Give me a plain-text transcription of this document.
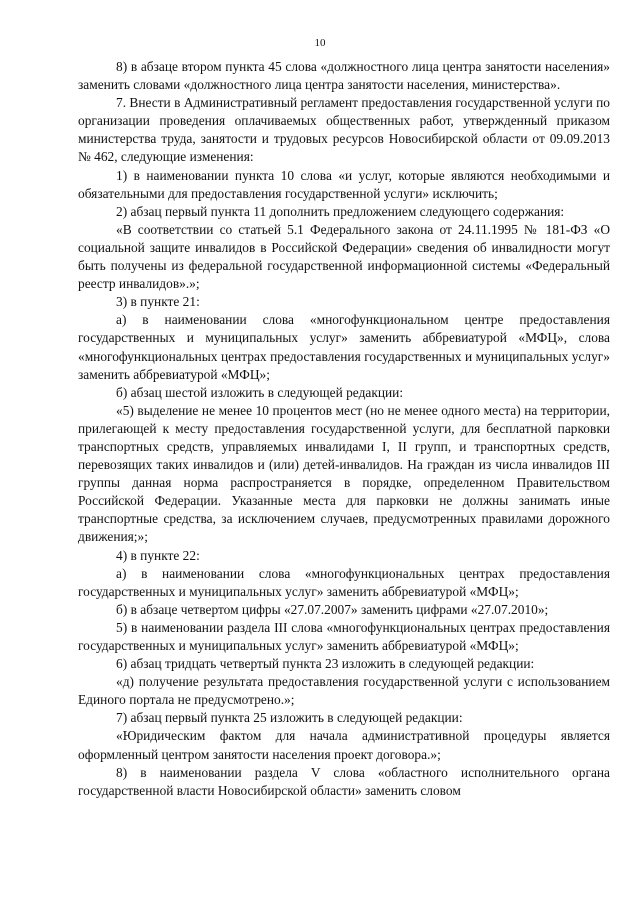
10

8) в абзаце втором пункта 45 слова «должностного лица центра занятости населения» заменить словами «должностного лица центра занятости населения, министерства».

7. Внести в Административный регламент предоставления государственной услуги по организации проведения оплачиваемых общественных работ, утвержденный приказом министерства труда, занятости и трудовых ресурсов Новосибирской области от 09.09.2013 № 462, следующие изменения:

1) в наименовании пункта 10 слова «и услуг, которые являются необходимыми и обязательными для предоставления государственной услуги» исключить;

2) абзац первый пункта 11 дополнить предложением следующего содержания:

«В соответствии со статьей 5.1 Федерального закона от 24.11.1995 № 181-ФЗ «О социальной защите инвалидов в Российской Федерации» сведения об инвалидности могут быть получены из федеральной государственной информационной системы «Федеральный реестр инвалидов».»;

3) в пункте 21:

а) в наименовании слова «многофункциональном центре предоставления государственных и муниципальных услуг» заменить аббревиатурой «МФЦ», слова «многофункциональных центрах предоставления государственных и муниципальных услуг» заменить аббревиатурой «МФЦ»;

б) абзац шестой изложить в следующей редакции:

«5) выделение не менее 10 процентов мест (но не менее одного места) на территории, прилегающей к месту предоставления государственной услуги, для бесплатной парковки транспортных средств, управляемых инвалидами I, II групп, и транспортных средств, перевозящих таких инвалидов и (или) детей-инвалидов. На граждан из числа инвалидов III группы данная норма распространяется в порядке, определенном Правительством Российской Федерации. Указанные места для парковки не должны занимать иные транспортные средства, за исключением случаев, предусмотренных правилами дорожного движения;»;

4) в пункте 22:

а) в наименовании слова «многофункциональных центрах предоставления государственных и муниципальных услуг» заменить аббревиатурой «МФЦ»;

б) в абзаце четвертом цифры «27.07.2007» заменить цифрами «27.07.2010»;

5) в наименовании раздела III слова «многофункциональных центрах предоставления государственных и муниципальных услуг» заменить аббревиатурой «МФЦ»;

6) абзац тридцать четвертый пункта 23 изложить в следующей редакции:

«д) получение результата предоставления государственной услуги с использованием Единого портала не предусмотрено.»;

7) абзац первый пункта 25 изложить в следующей редакции:

«Юридическим фактом для начала административной процедуры является оформленный центром занятости населения проект договора.»;

8) в наименовании раздела V слова «областного исполнительного органа государственной власти Новосибирской области» заменить словом
